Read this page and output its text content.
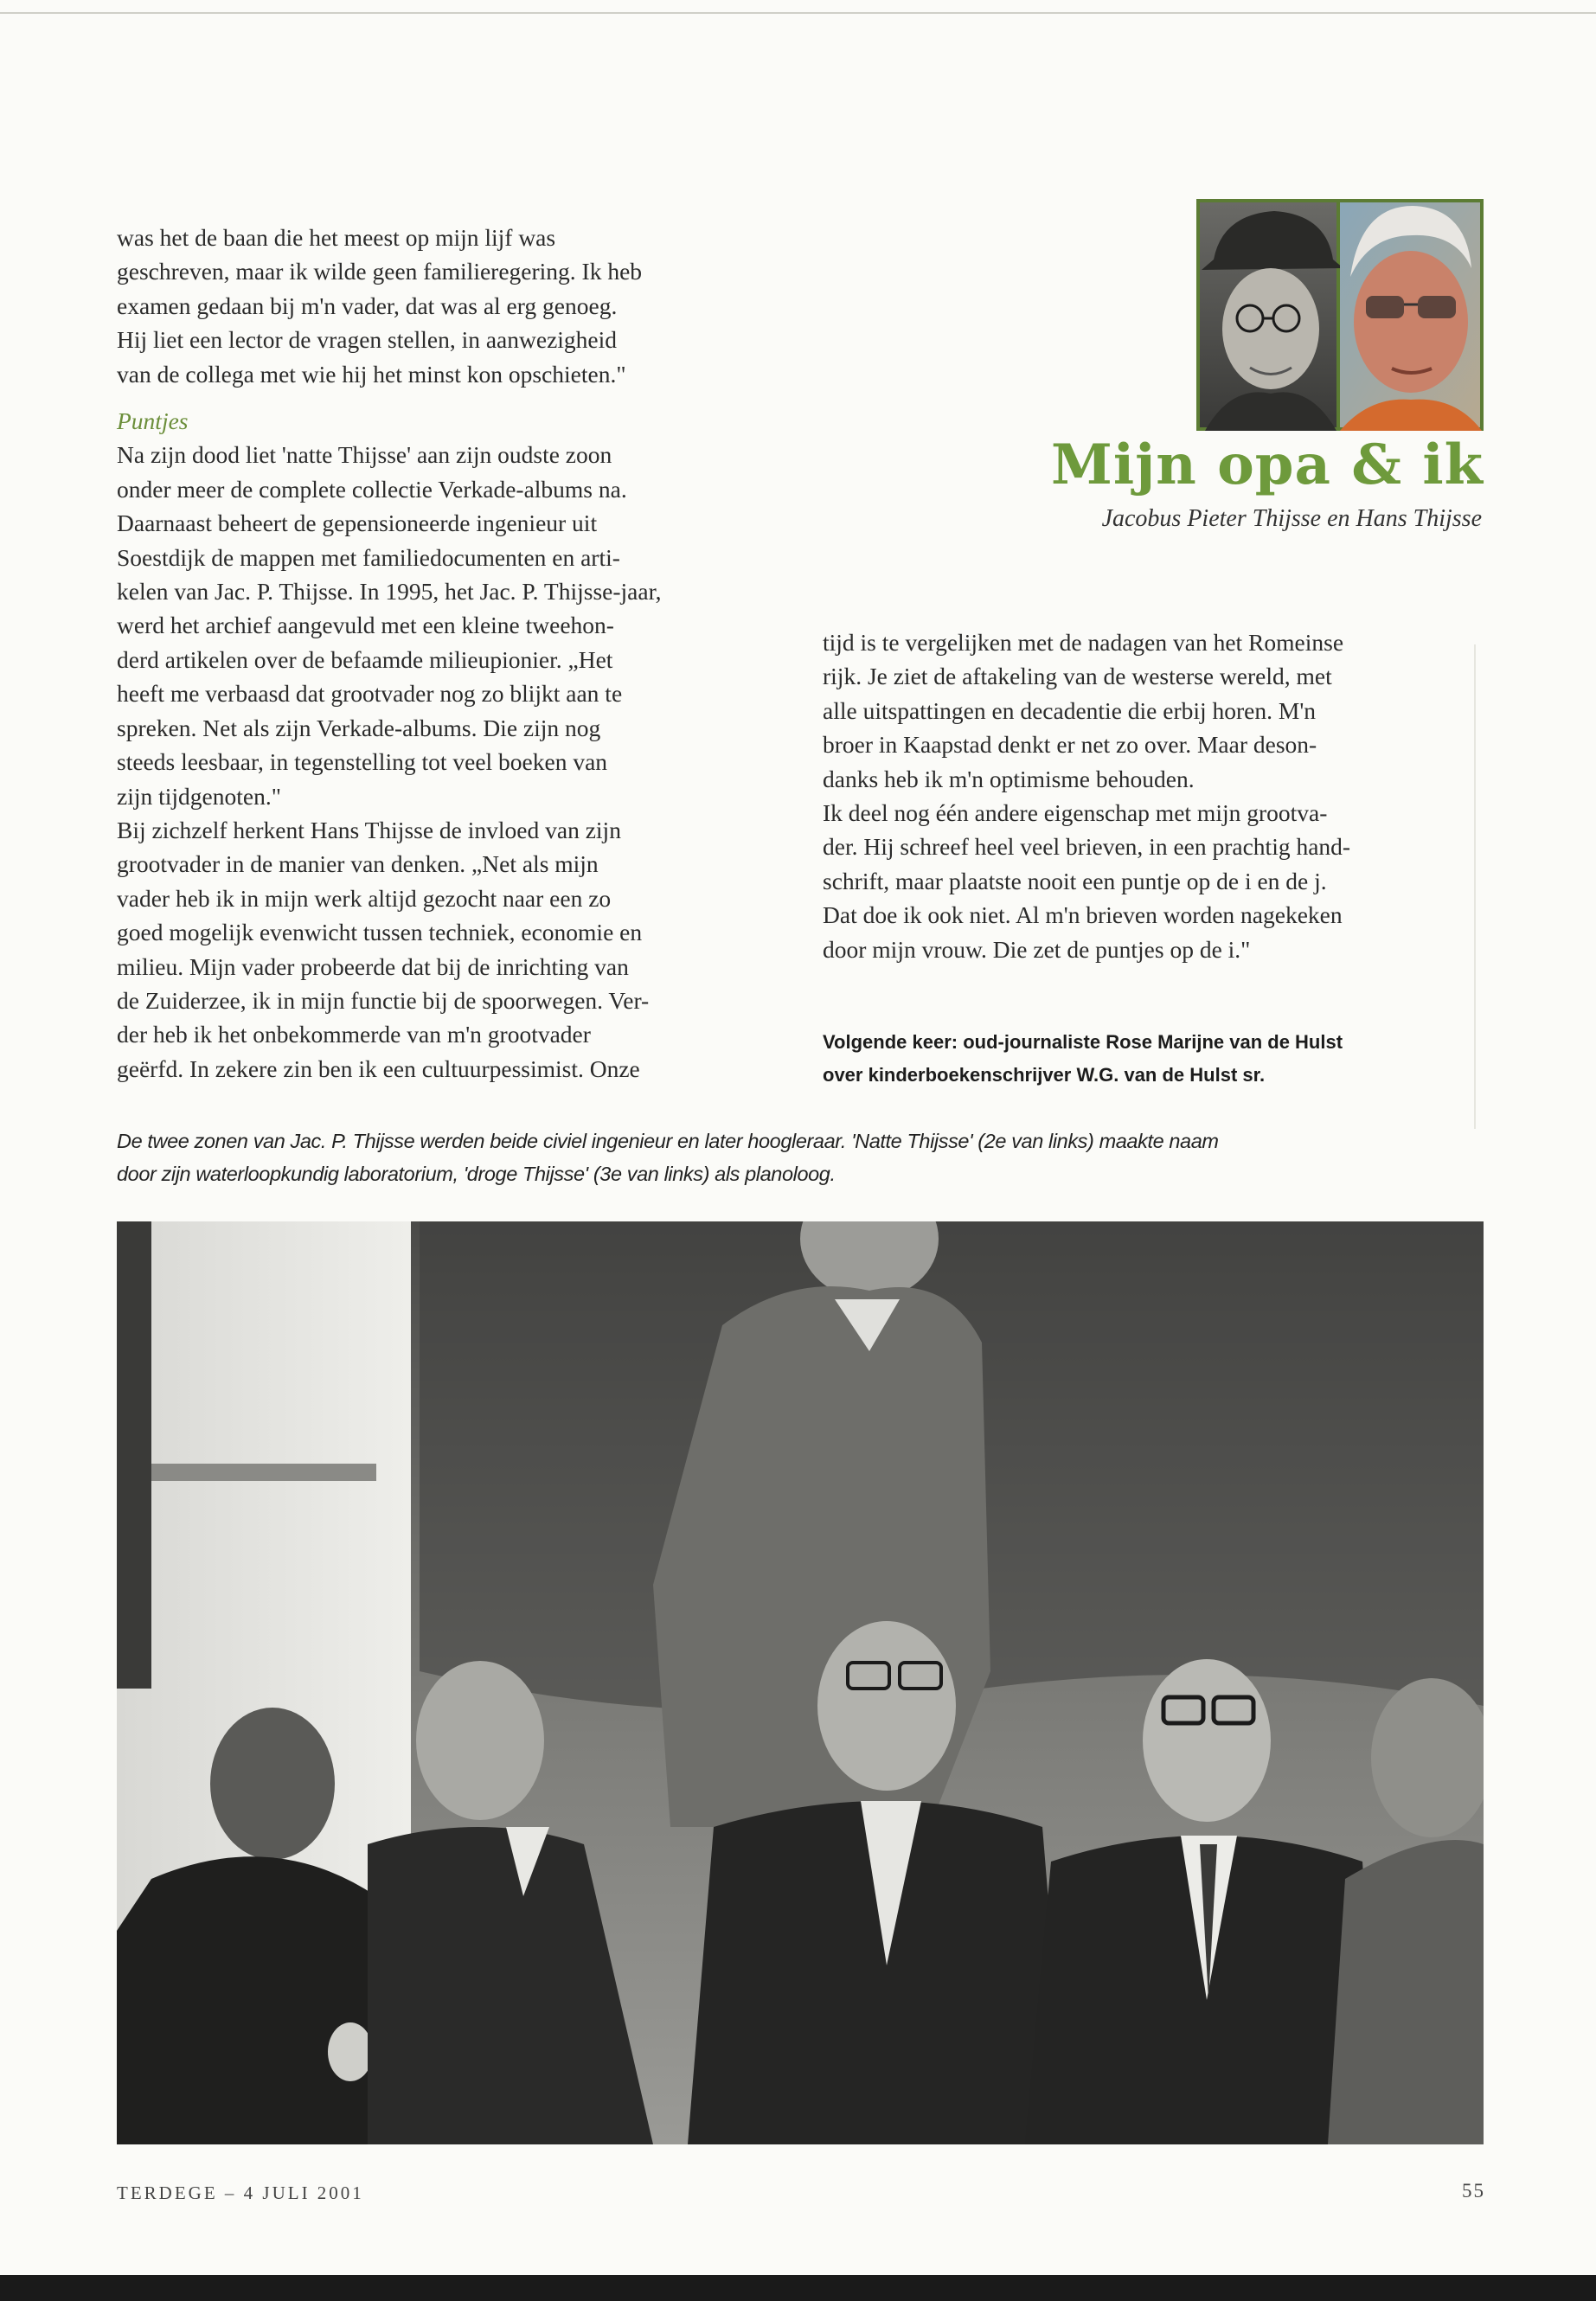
was het de baan die het meest op mijn lijf was
geschreven, maar ik wilde geen familieregering. Ik heb
examen gedaan bij m'n vader, dat was al erg genoeg.
Hij liet een lector de vragen stellen, in aanwezigheid
van de collega met wie hij het minst kon opschieten."
Puntjes
Na zijn dood liet 'natte Thijsse' aan zijn oudste zoon
onder meer de complete collectie Verkade-albums na.
Daarnaast beheert de gepensioneerde ingenieur uit
Soestdijk de mappen met familiedocumenten en arti-
kelen van Jac. P. Thijsse. In 1995, het Jac. P. Thijsse-jaar,
werd het archief aangevuld met een kleine tweehon-
derd artikelen over de befaamde milieupionier. „Het
heeft me verbaasd dat grootvader nog zo blijkt aan te
spreken. Net als zijn Verkade-albums. Die zijn nog
steeds leesbaar, in tegenstelling tot veel boeken van
zijn tijdgenoten."
Bij zichzelf herkent Hans Thijsse de invloed van zijn
grootvader in de manier van denken. „Net als mijn
vader heb ik in mijn werk altijd gezocht naar een zo
goed mogelijk evenwicht tussen techniek, economie en
milieu. Mijn vader probeerde dat bij de inrichting van
de Zuiderzee, ik in mijn functie bij de spoorwegen. Ver-
der heb ik het onbekommerde van m'n grootvader
geërfd. In zekere zin ben ik een cultuurpessimist. Onze
Mijn opa & ik
Jacobus Pieter Thijsse en Hans Thijsse
tijd is te vergelijken met de nadagen van het Romeinse
rijk. Je ziet de aftakeling van de westerse wereld, met
alle uitspattingen en decadentie die erbij horen. M'n
broer in Kaapstad denkt er net zo over. Maar deson-
danks heb ik m'n optimisme behouden.
Ik deel nog één andere eigenschap met mijn grootva-
der. Hij schreef heel veel brieven, in een prachtig hand-
schrift, maar plaatste nooit een puntje op de i en de j.
Dat doe ik ook niet. Al m'n brieven worden nagekeken
door mijn vrouw. Die zet de puntjes op de i."
Volgende keer: oud-journaliste Rose Marijne van de Hulst
over kinderboekenschrijver W.G. van de Hulst sr.
De twee zonen van Jac. P. Thijsse werden beide civiel ingenieur en later hoogleraar. 'Natte Thijsse' (2e van links) maakte naam
door zijn waterloopkundig laboratorium, 'droge Thijsse' (3e van links) als planoloog.
TERDEGE – 4 JULI 2001	55
